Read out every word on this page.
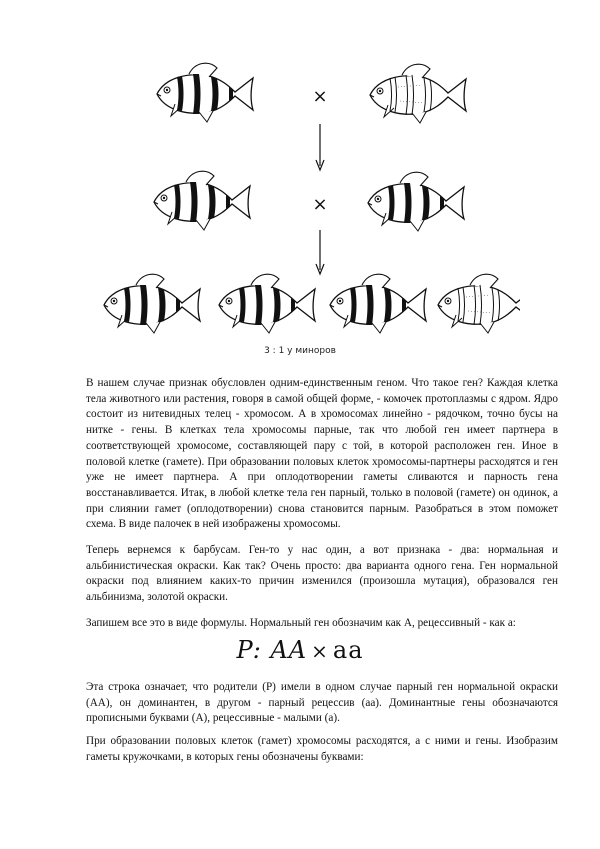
×
×
3 : 1 у миноров

В нашем случае признак обусловлен одним-единственным геном. Что такое ген? Каждая клетка тела животного или растения, говоря в самой общей форме, - комочек протоплазмы с ядром. Ядро состоит из нитевидных телец - хромосом. А в хромосомах линейно - рядочком, точно бусы на нитке - гены. В клетках тела хромосомы парные, так что любой ген имеет партнера в соответствующей хромосоме, составляющей пару с той, в которой расположен ген. Иное в половой клетке (гамете). При образовании половых клеток хромосомы-партнеры расходятся и ген уже не имеет партнера. А при оплодотворении гаметы сливаются и парность гена восстанавливается. Итак, в любой клетке тела ген парный, только в половой (гамете) он одинок, а при слиянии гамет (оплодотворении) снова становится парным. Разобраться в этом поможет схема. В виде палочек в ней изображены хромосомы.

Теперь вернемся к барбусам. Ген-то у нас один, а вот признака - два: нормальная и альбинистическая окраски. Как так? Очень просто: два варианта одного гена. Ген нормальной окраски под влиянием каких-то причин изменился (произошла мутация), образовался ген альбинизма, золотой окраски.

Запишем все это в виде формулы. Нормальный ген обозначим как А, рецессивный - как а:

P: AA × aa

Эта строка означает, что родители (Р) имели в одном случае парный ген нормальной окраски (АА), он доминантен, в другом - парный рецессив (аа). Доминантные гены обозначаются прописными буквами (А), рецессивные - малыми (а).

При образовании половых клеток (гамет) хромосомы расходятся, а с ними и гены. Изобразим гаметы кружочками, в которых гены обозначены буквами:
